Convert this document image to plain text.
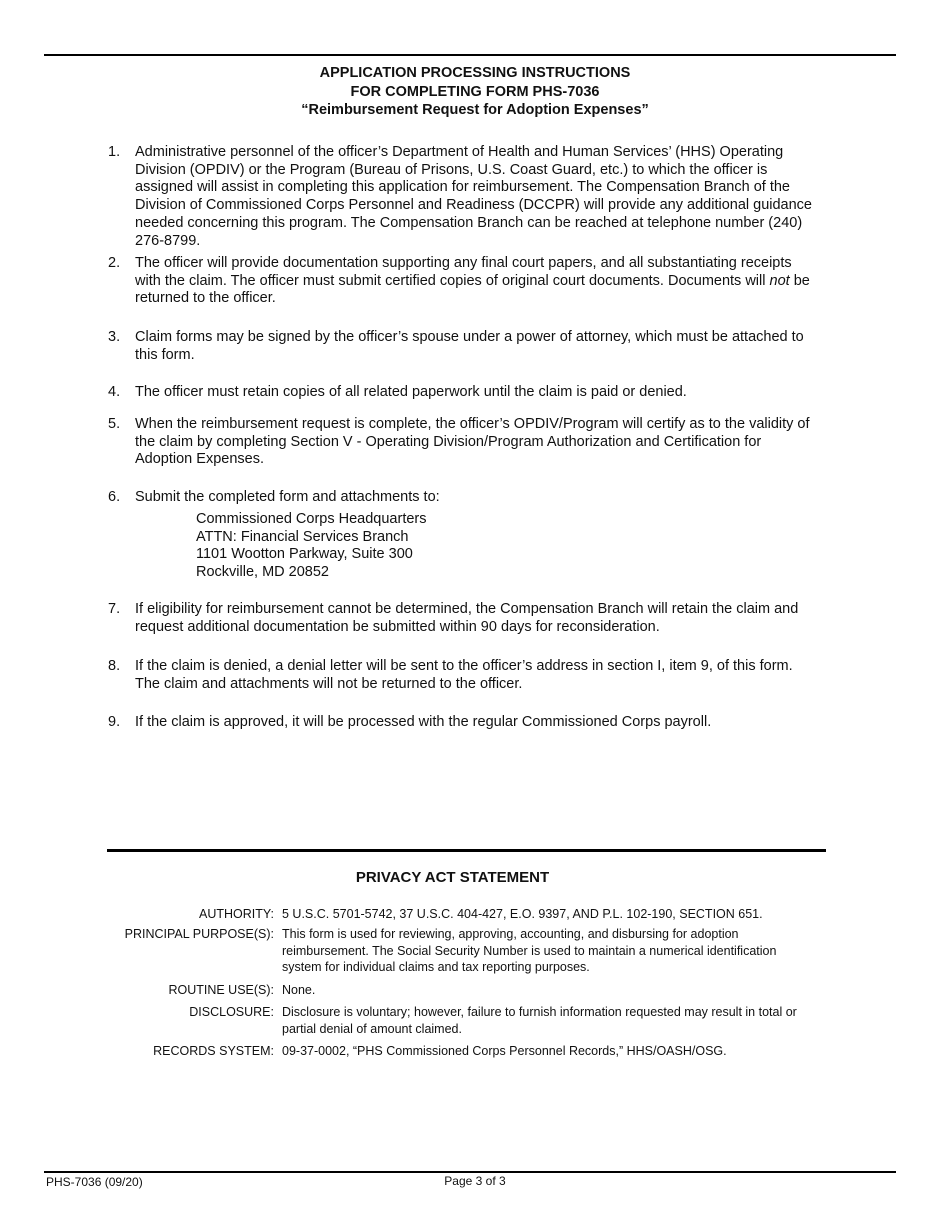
APPLICATION PROCESSING INSTRUCTIONS
FOR COMPLETING FORM PHS-7036
“Reimbursement Request for Adoption Expenses”
1. Administrative personnel of the officer’s Department of Health and Human Services’ (HHS) Operating Division (OPDIV) or the Program (Bureau of Prisons, U.S. Coast Guard, etc.) to which the officer is assigned will assist in completing this application for reimbursement. The Compensation Branch of the Division of Commissioned Corps Personnel and Readiness (DCCPR) will provide any additional guidance needed concerning this program. The Compensation Branch can be reached at telephone number (240) 276-8799.

2. The officer will provide documentation supporting any final court papers, and all substantiating receipts with the claim. The officer must submit certified copies of original court documents. Documents will not be returned to the officer.

3. Claim forms may be signed by the officer’s spouse under a power of attorney, which must be attached to this form.

4. The officer must retain copies of all related paperwork until the claim is paid or denied.

5. When the reimbursement request is complete, the officer’s OPDIV/Program will certify as to the validity of the claim by completing Section V - Operating Division/Program Authorization and Certification for Adoption Expenses.

6. Submit the completed form and attachments to:

Commissioned Corps Headquarters
ATTN: Financial Services Branch
1101 Wootton Parkway, Suite 300
Rockville, MD 20852
7. If eligibility for reimbursement cannot be determined, the Compensation Branch will retain the claim and request additional documentation be submitted within 90 days for reconsideration.

8. If the claim is denied, a denial letter will be sent to the officer’s address in section I, item 9, of this form. The claim and attachments will not be returned to the officer.

9. If the claim is approved, it will be processed with the regular Commissioned Corps payroll.

PRIVACY ACT STATEMENT
AUTHORITY: 5 U.S.C. 5701-5742, 37 U.S.C. 404-427, E.O. 9397, AND P.L. 102-190, SECTION 651.
PRINCIPAL PURPOSE(S): This form is used for reviewing, approving, accounting, and disbursing for adoption reimbursement. The Social Security Number is used to maintain a numerical identification system for individual claims and tax reporting purposes.
ROUTINE USE(S): None.
DISCLOSURE: Disclosure is voluntary; however, failure to furnish information requested may result in total or partial denial of amount claimed.
RECORDS SYSTEM: 09-37-0002, “PHS Commissioned Corps Personnel Records,” HHS/OASH/OSG.
PHS-7036 (09/20)	Page 3 of 3
